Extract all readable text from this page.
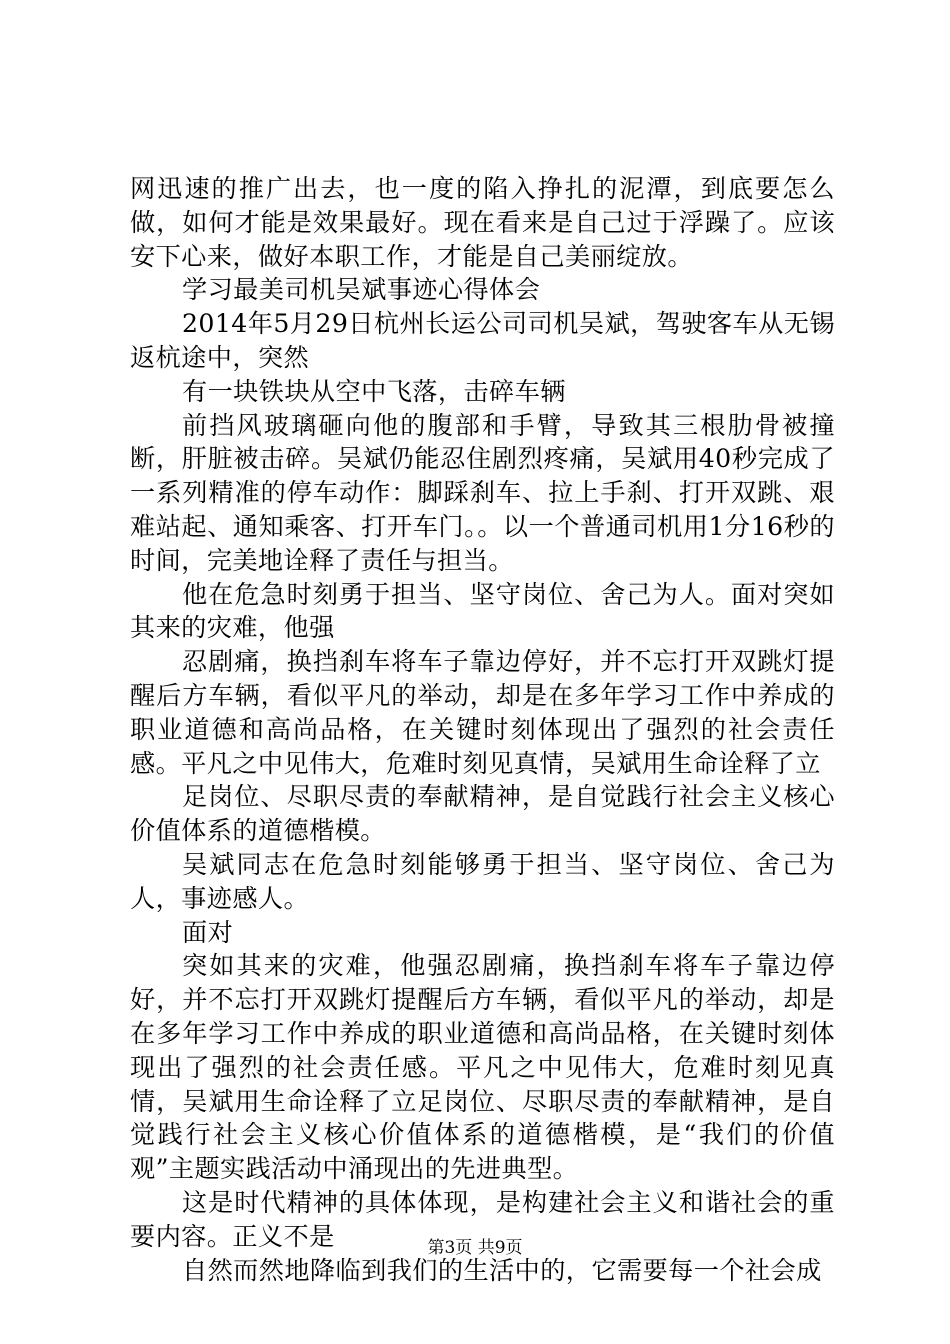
网迅速的推广出去，也一度的陷入挣扎的泥潭，到底要怎么做，如何才能是效果最好。现在看来是自己过于浮躁了。应该安下心来，做好本职工作，才能是自己美丽绽放。

学习最美司机吴斌事迹心得体会

2014年5月29日杭州长运公司司机吴斌，驾驶客车从无锡返杭途中，突然

有一块铁块从空中飞落，击碎车辆

前挡风玻璃砸向他的腹部和手臂，导致其三根肋骨被撞断，肝脏被击碎。吴斌仍能忍住剧烈疼痛，吴斌用40秒完成了一系列精准的停车动作：脚踩刹车、拉上手刹、打开双跳、艰难站起、通知乘客、打开车门。。以一个普通司机用1分16秒的时间，完美地诠释了责任与担当。

他在危急时刻勇于担当、坚守岗位、舍己为人。面对突如其来的灾难，他强

忍剧痛，换挡刹车将车子靠边停好，并不忘打开双跳灯提醒后方车辆，看似平凡的举动，却是在多年学习工作中养成的职业道德和高尚品格，在关键时刻体现出了强烈的社会责任感。平凡之中见伟大，危难时刻见真情，吴斌用生命诠释了立

足岗位、尽职尽责的奉献精神，是自觉践行社会主义核心价值体系的道德楷模。

吴斌同志在危急时刻能够勇于担当、坚守岗位、舍己为人，事迹感人。

面对

突如其来的灾难，他强忍剧痛，换挡刹车将车子靠边停好，并不忘打开双跳灯提醒后方车辆，看似平凡的举动，却是在多年学习工作中养成的职业道德和高尚品格，在关键时刻体现出了强烈的社会责任感。平凡之中见伟大，危难时刻见真情，吴斌用生命诠释了立足岗位、尽职尽责的奉献精神，是自觉践行社会主义核心价值体系的道德楷模，是“我们的价值观”主题实践活动中涌现出的先进典型。

这是时代精神的具体体现，是构建社会主义和谐社会的重要内容。正义不是

自然而然地降临到我们的生活中的，它需要每一个社会成

第3页 共9页
